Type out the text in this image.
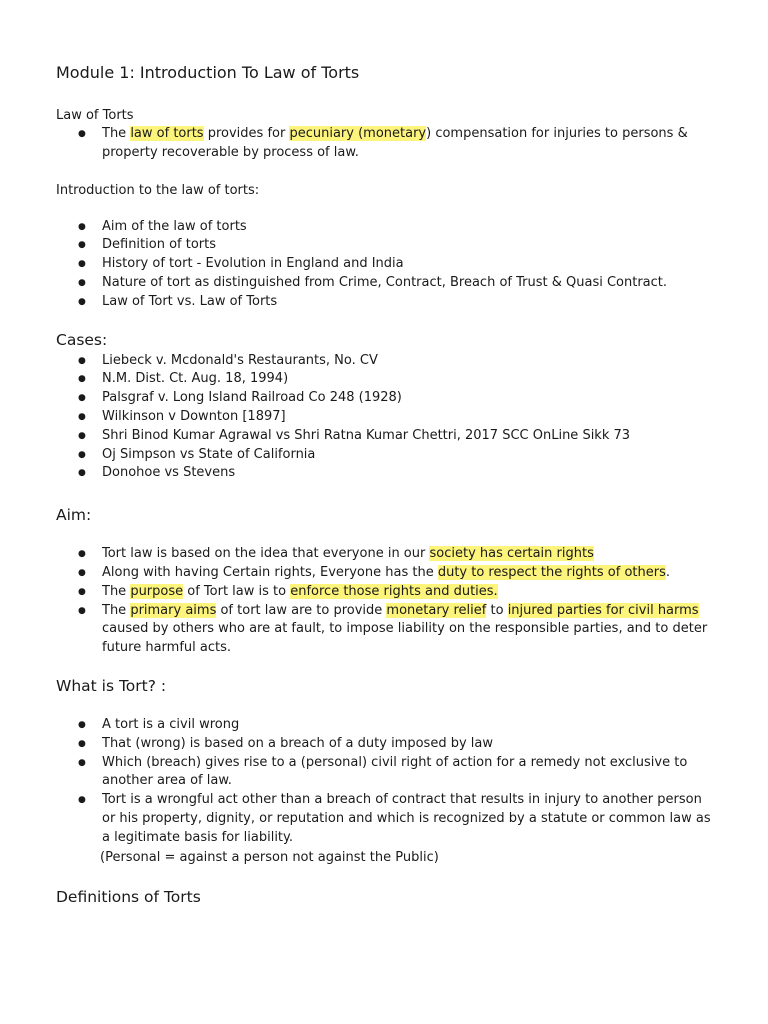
Module 1: Introduction To Law of Torts

Law of Torts

● The law of torts provides for pecuniary (monetary) compensation for injuries to persons & property recoverable by process of law.

Introduction to the law of torts:

● Aim of the law of torts
● Definition of torts
● History of tort - Evolution in England and India
● Nature of tort as distinguished from Crime, Contract, Breach of Trust & Quasi Contract.
● Law of Tort vs. Law of Torts

Cases:

● Liebeck v. Mcdonald's Restaurants, No. CV
● N.M. Dist. Ct. Aug. 18, 1994)
● Palsgraf v. Long Island Railroad Co 248 (1928)
● Wilkinson v Downton [1897]
● Shri Binod Kumar Agrawal vs Shri Ratna Kumar Chettri, 2017 SCC OnLine Sikk 73
● Oj Simpson vs State of California
● Donohoe vs Stevens

Aim:

● Tort law is based on the idea that everyone in our society has certain rights
● Along with having Certain rights, Everyone has the duty to respect the rights of others.
● The purpose of Tort law is to enforce those rights and duties.
● The primary aims of tort law are to provide monetary relief to injured parties for civil harms caused by others who are at fault, to impose liability on the responsible parties, and to deter future harmful acts.

What is Tort? :

● A tort is a civil wrong
● That (wrong) is based on a breach of a duty imposed by law
● Which (breach) gives rise to a (personal) civil right of action for a remedy not exclusive to another area of law.
● Tort is a wrongful act other than a breach of contract that results in injury to another person or his property, dignity, or reputation and which is recognized by a statute or common law as a legitimate basis for liability.

(Personal = against a person not against the Public)

Definitions of Torts
